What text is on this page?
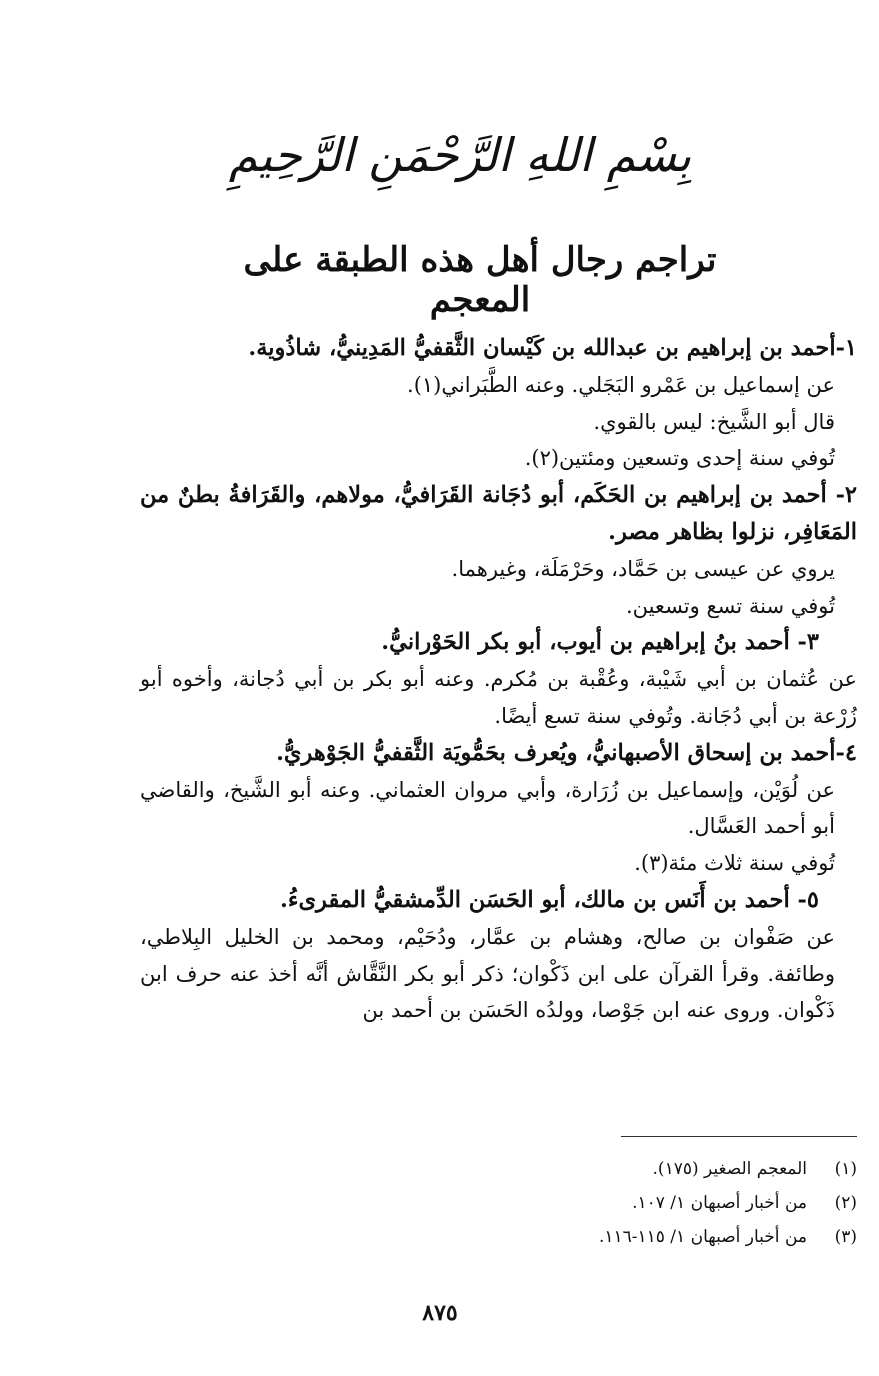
بِسْمِ اللهِ الرَّحْمَنِ الرَّحِيمِ
تراجم رجال أهل هذه الطبقة على المعجم

١-أحمد بن إبراهيم بن عبدالله بن كَيْسان الثَّقفيُّ المَدِينيُّ، شاذُوية.

عن إسماعيل بن عَمْرو البَجَلي. وعنه الطَّبَراني(١).

قال أبو الشَّيخ: ليس بالقوي.

تُوفي سنة إحدى وتسعين ومئتين(٢).

٢- أحمد بن إبراهيم بن الحَكَم، أبو دُجَانة القَرَافيُّ، مولاهم، والقَرَافةُ بطنٌ من المَعَافِر، نزلوا بظاهر مصر.

يروي عن عيسى بن حَمَّاد، وحَرْمَلَة، وغيرهما.

تُوفي سنة تسع وتسعين.

٣- أحمد بنُ إبراهيم بن أيوب، أبو بكر الحَوْرانيُّ.

عن عُثمان بن أبي شَيْبة، وعُقْبة بن مُكرم. وعنه أبو بكر بن أبي دُجانة، وأخوه أبو زُرْعة بن أبي دُجَانة. وتُوفي سنة تسع أيضًا.

٤-أحمد بن إسحاق الأصبهانيُّ، ويُعرف بحَمُّويَة الثَّقفيُّ الجَوْهريُّ.

عن لُوَيْن، وإسماعيل بن زُرَارة، وأبي مروان العثماني. وعنه أبو الشَّيخ، والقاضي أبو أحمد العَسَّال.

تُوفي سنة ثلاث مئة(٣).

٥- أحمد بن أَنَس بن مالك، أبو الحَسَن الدِّمشقيُّ المقرىءُ.

عن صَفْوان بن صالح، وهشام بن عمَّار، ودُحَيْم، ومحمد بن الخليل البِلاطي، وطائفة. وقرأ القرآن على ابن ذَكْوان؛ ذكر أبو بكر النَّقَّاش أنَّه أخذ عنه حرف ابن ذَكْوان. وروى عنه ابن جَوْصا، وولدُه الحَسَن بن أحمد بن

(١)
المعجم الصغير (١٧٥).
(٢)
من أخبار أصبهان ١/ ١٠٧.
(٣)
من أخبار أصبهان ١/ ١١٥-١١٦.
٨٧٥
